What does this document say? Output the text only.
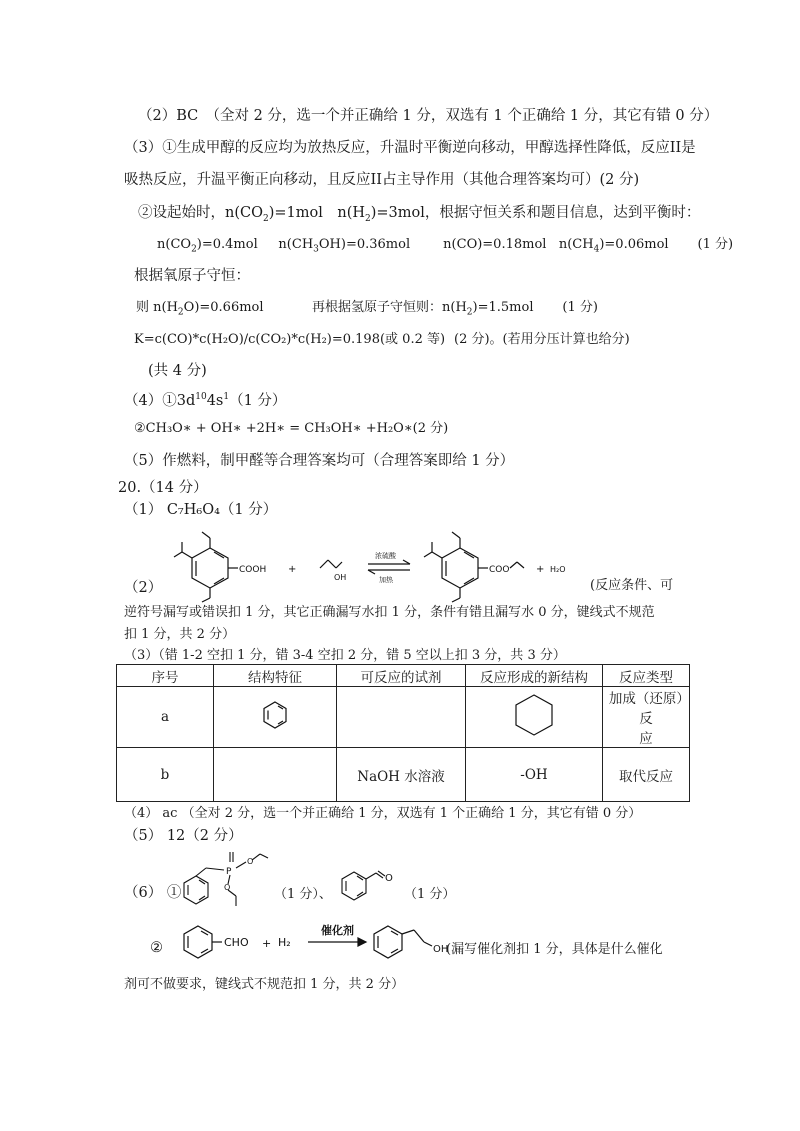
（2）BC　（全对 2 分，选一个并正确给 1 分，双选有 1 个正确给 1 分，其它有错 0 分）
（3）①生成甲醇的反应均为放热反应，升温时平衡逆向移动，甲醇选择性降低，反应II是
吸热反应，升温平衡正向移动，且反应II占主导作用（其他合理答案均可）(2 分)
②设起始时，$n(CO_2)=1mol$　$n(H_2)=3mol$，根据守恒关系和题目信息，达到平衡时：
$n(CO_2)=0.4mol$ $n(CH_3OH)=0.36mol$	n(CO)=0.18mol $n(CH_4)=0.06mol$ (1 分)
根据氧原子守恒：
则 $n(H_2O)=0.66mol$	再根据氢原子守恒则：$n(H_2)=1.5mol$ (1 分)
K=c(CO)*c(H₂O)/c(CO₂)*c(H₂)=0.198(或 0.2 等) (2 分)。(若用分压计算也给分)
(共 4 分)
$(4)①3d^{10}4s^1(1$ 分）
②CH₃O∗ + OH∗ +2H∗ = CH₃OH∗ +H₂O∗(2 分)
（5）作燃料，制甲醛等合理答案均可（合理答案即给 1 分）
20.（14 分）
（1） C₇H₆O₄（1 分）
COOH +
OH
浓硫酸
加热
COO	+ H₂O
（2）	(反应条件、可
逆符号漏写或错误扣 1 分，其它正确漏写水扣 1 分，条件有错且漏写水 0 分，键线式不规范
扣 1 分，共 2 分）
（3）（错 1-2 空扣 1 分，错 3-4 空扣 2 分，错 5 空以上扣 3 分，共 3 分）
序号	结构特征	可反应的试剂	反应形成的新结构	反应类型
a				加成（还原）反
应
b		NaOH 水溶液	-OH	取代反应
（4） ac （全对 2 分，选一个并正确给 1 分，双选有 1 个正确给 1 分，其它有错 0 分）
（5） 12（2 分）
（6） ①
P
O
O	（1 分）、
O
（1 分）
②	CHO + H₂
催化剂
OH
(漏写催化剂扣 1 分，具体是什么催化
剂可不做要求，键线式不规范扣 1 分，共 2 分）
